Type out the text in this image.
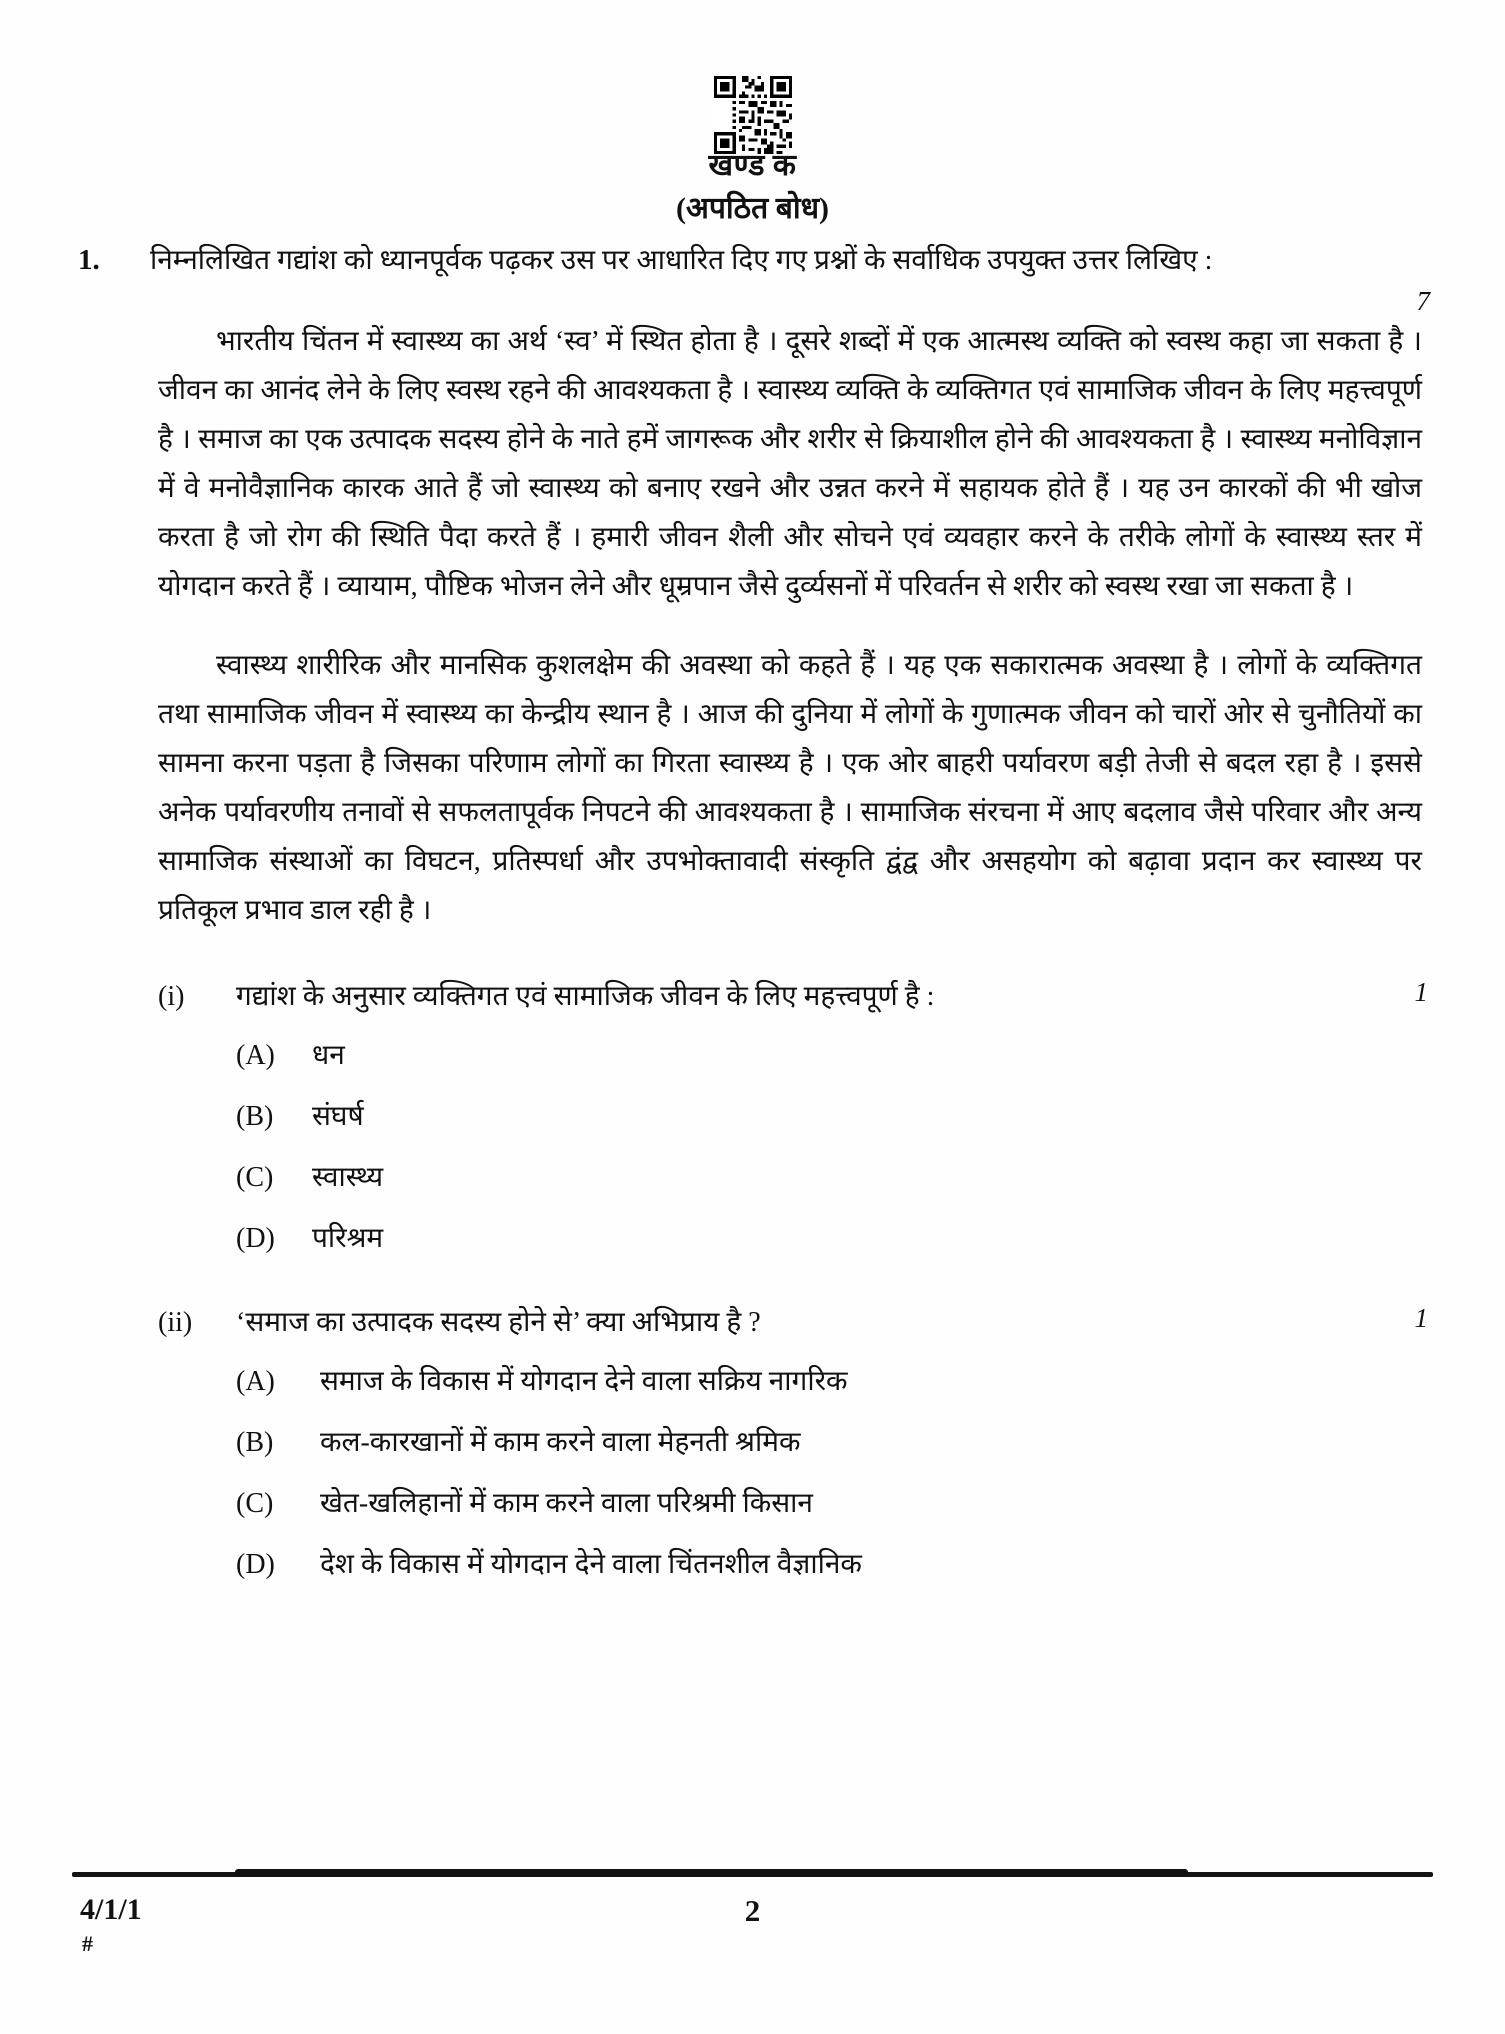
खण्ड क
(अपठित बोध)
1.	निम्नलिखित गद्यांश को ध्यानपूर्वक पढ़कर उस पर आधारित दिए गए प्रश्नों के सर्वाधिक उपयुक्त उत्तर लिखिए :
7

भारतीय चिंतन में स्वास्थ्य का अर्थ ‘स्व’ में स्थित होता है । दूसरे शब्दों में एक आत्मस्थ व्यक्ति को स्वस्थ कहा जा सकता है । जीवन का आनंद लेने के लिए स्वस्थ रहने की आवश्यकता है । स्वास्थ्य व्यक्ति के व्यक्तिगत एवं सामाजिक जीवन के लिए महत्त्वपूर्ण है । समाज का एक उत्पादक सदस्य होने के नाते हमें जागरूक और शरीर से क्रियाशील होने की आवश्यकता है । स्वास्थ्य मनोविज्ञान में वे मनोवैज्ञानिक कारक आते हैं जो स्वास्थ्य को बनाए रखने और उन्नत करने में सहायक होते हैं । यह उन कारकों की भी खोज करता है जो रोग की स्थिति पैदा करते हैं । हमारी जीवन शैली और सोचने एवं व्यवहार करने के तरीके लोगों के स्वास्थ्य स्तर में योगदान करते हैं । व्यायाम, पौष्टिक भोजन लेने और धूम्रपान जैसे दुर्व्यसनों में परिवर्तन से शरीर को स्वस्थ रखा जा सकता है ।

स्वास्थ्य शारीरिक और मानसिक कुशलक्षेम की अवस्था को कहते हैं । यह एक सकारात्मक अवस्था है । लोगों के व्यक्तिगत तथा सामाजिक जीवन में स्वास्थ्य का केन्द्रीय स्थान है । आज की दुनिया में लोगों के गुणात्मक जीवन को चारों ओर से चुनौतियों का सामना करना पड़ता है जिसका परिणाम लोगों का गिरता स्वास्थ्य है । एक ओर बाहरी पर्यावरण बड़ी तेजी से बदल रहा है । इससे अनेक पर्यावरणीय तनावों से सफलतापूर्वक निपटने की आवश्यकता है । सामाजिक संरचना में आए बदलाव जैसे परिवार और अन्य सामाजिक संस्थाओं का विघटन, प्रतिस्पर्धा और उपभोक्तावादी संस्कृति द्वंद्व और असहयोग को बढ़ावा प्रदान कर स्वास्थ्य पर प्रतिकूल प्रभाव डाल रही है ।

(i)	गद्यांश के अनुसार व्यक्तिगत एवं सामाजिक जीवन के लिए महत्त्वपूर्ण है :	1
(A)	धन
(B)	संघर्ष
(C)	स्वास्थ्य
(D)	परिश्रम
(ii)	‘समाज का उत्पादक सदस्य होने से’ क्या अभिप्राय है ?	1
(A)	समाज के विकास में योगदान देने वाला सक्रिय नागरिक
(B)	कल-कारखानों में काम करने वाला मेहनती श्रमिक
(C)	खेत-खलिहानों में काम करने वाला परिश्रमी किसान
(D)	देश के विकास में योगदान देने वाला चिंतनशील वैज्ञानिक
4/1/1
#
2
